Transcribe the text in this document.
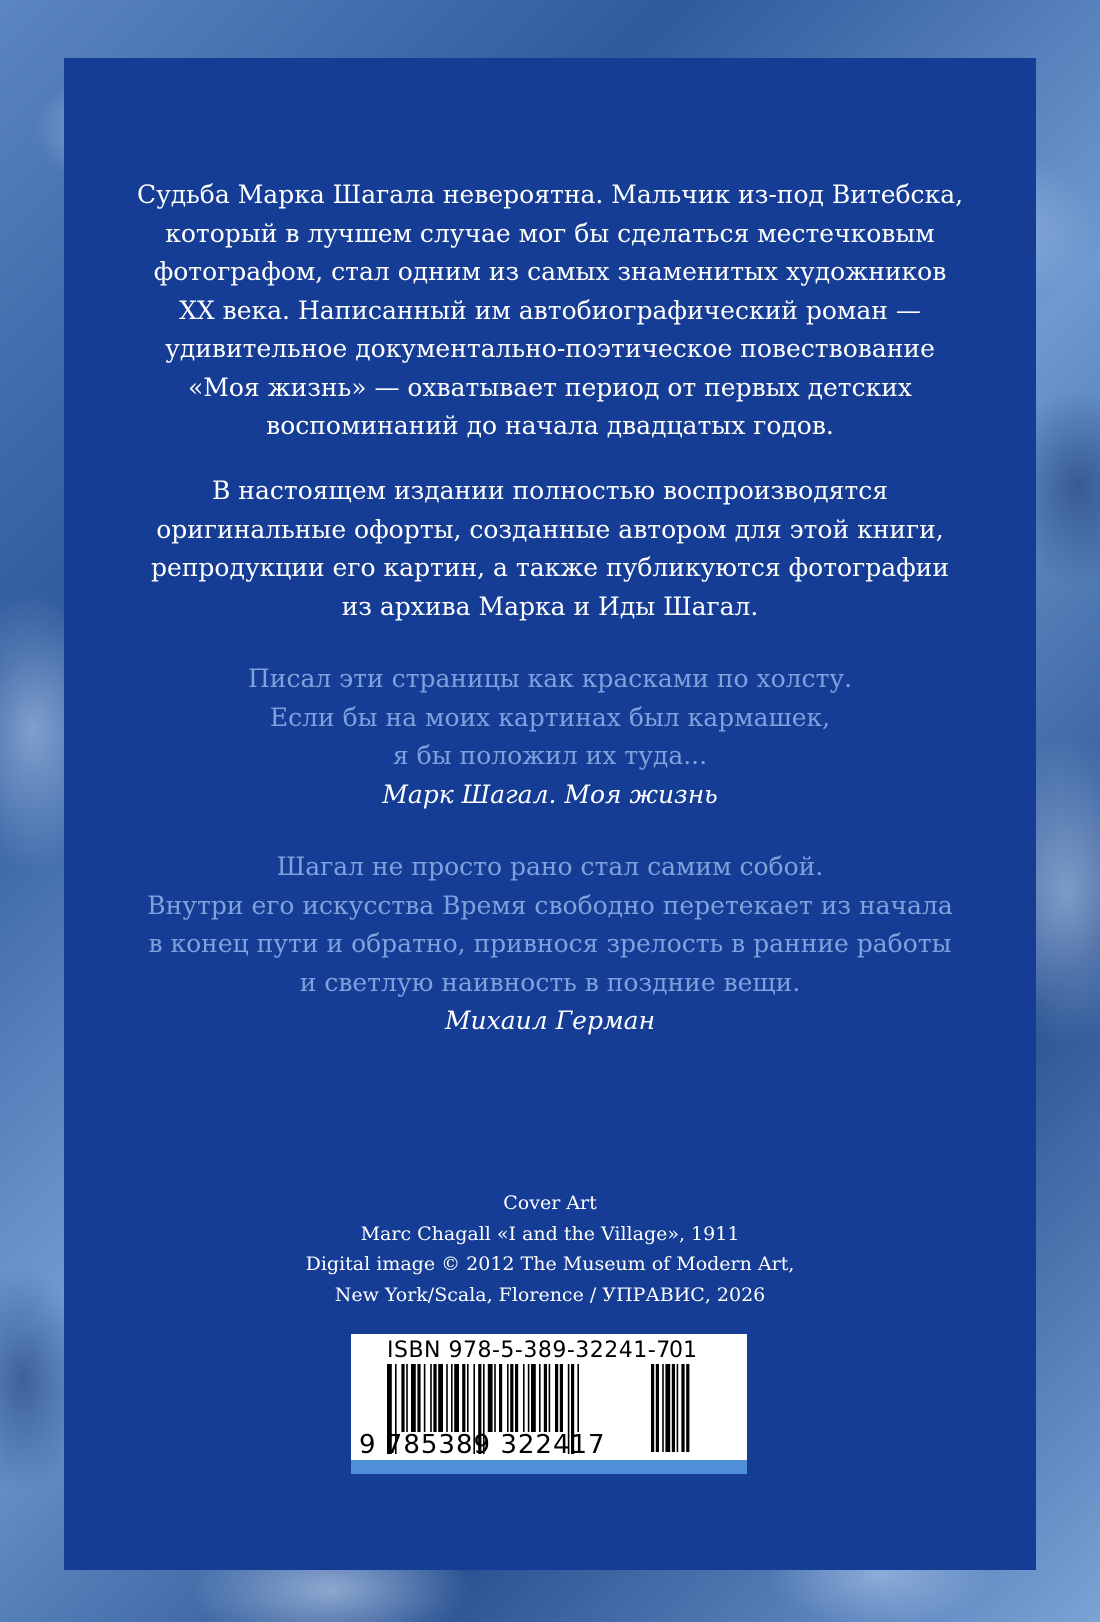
Судьба Марка Шагала невероятна. Мальчик из-под Витебска,
который в лучшем случае мог бы сделаться местечковым
фотографом, стал одним из самых знаменитых художников
XX века. Написанный им автобиографический роман —
удивительное документально-поэтическое повествование
«Моя жизнь» — охватывает период от первых детских
воспоминаний до начала двадцатых годов.
В настоящем издании полностью воспроизводятся
оригинальные офорты, созданные автором для этой книги,
репродукции его картин, а также публикуются фотографии
из архива Марка и Иды Шагал.
Писал эти страницы как красками по холсту.
Если бы на моих картинах был кармашек,
я бы положил их туда...
Марк Шагал. Моя жизнь
Шагал не просто рано стал самим собой.
Внутри его искусства Время свободно перетекает из начала
в конец пути и обратно, привнося зрелость в ранние работы
и светлую наивность в поздние вещи.
Михаил Герман
Cover Art
Marc Chagall «I and the Village», 1911
Digital image © 2012 The Museum of Modern Art,
New York/Scala, Florence / УПРАВИС, 2026
ISBN 978-5-389-32241-7
01
9 785389 322417
